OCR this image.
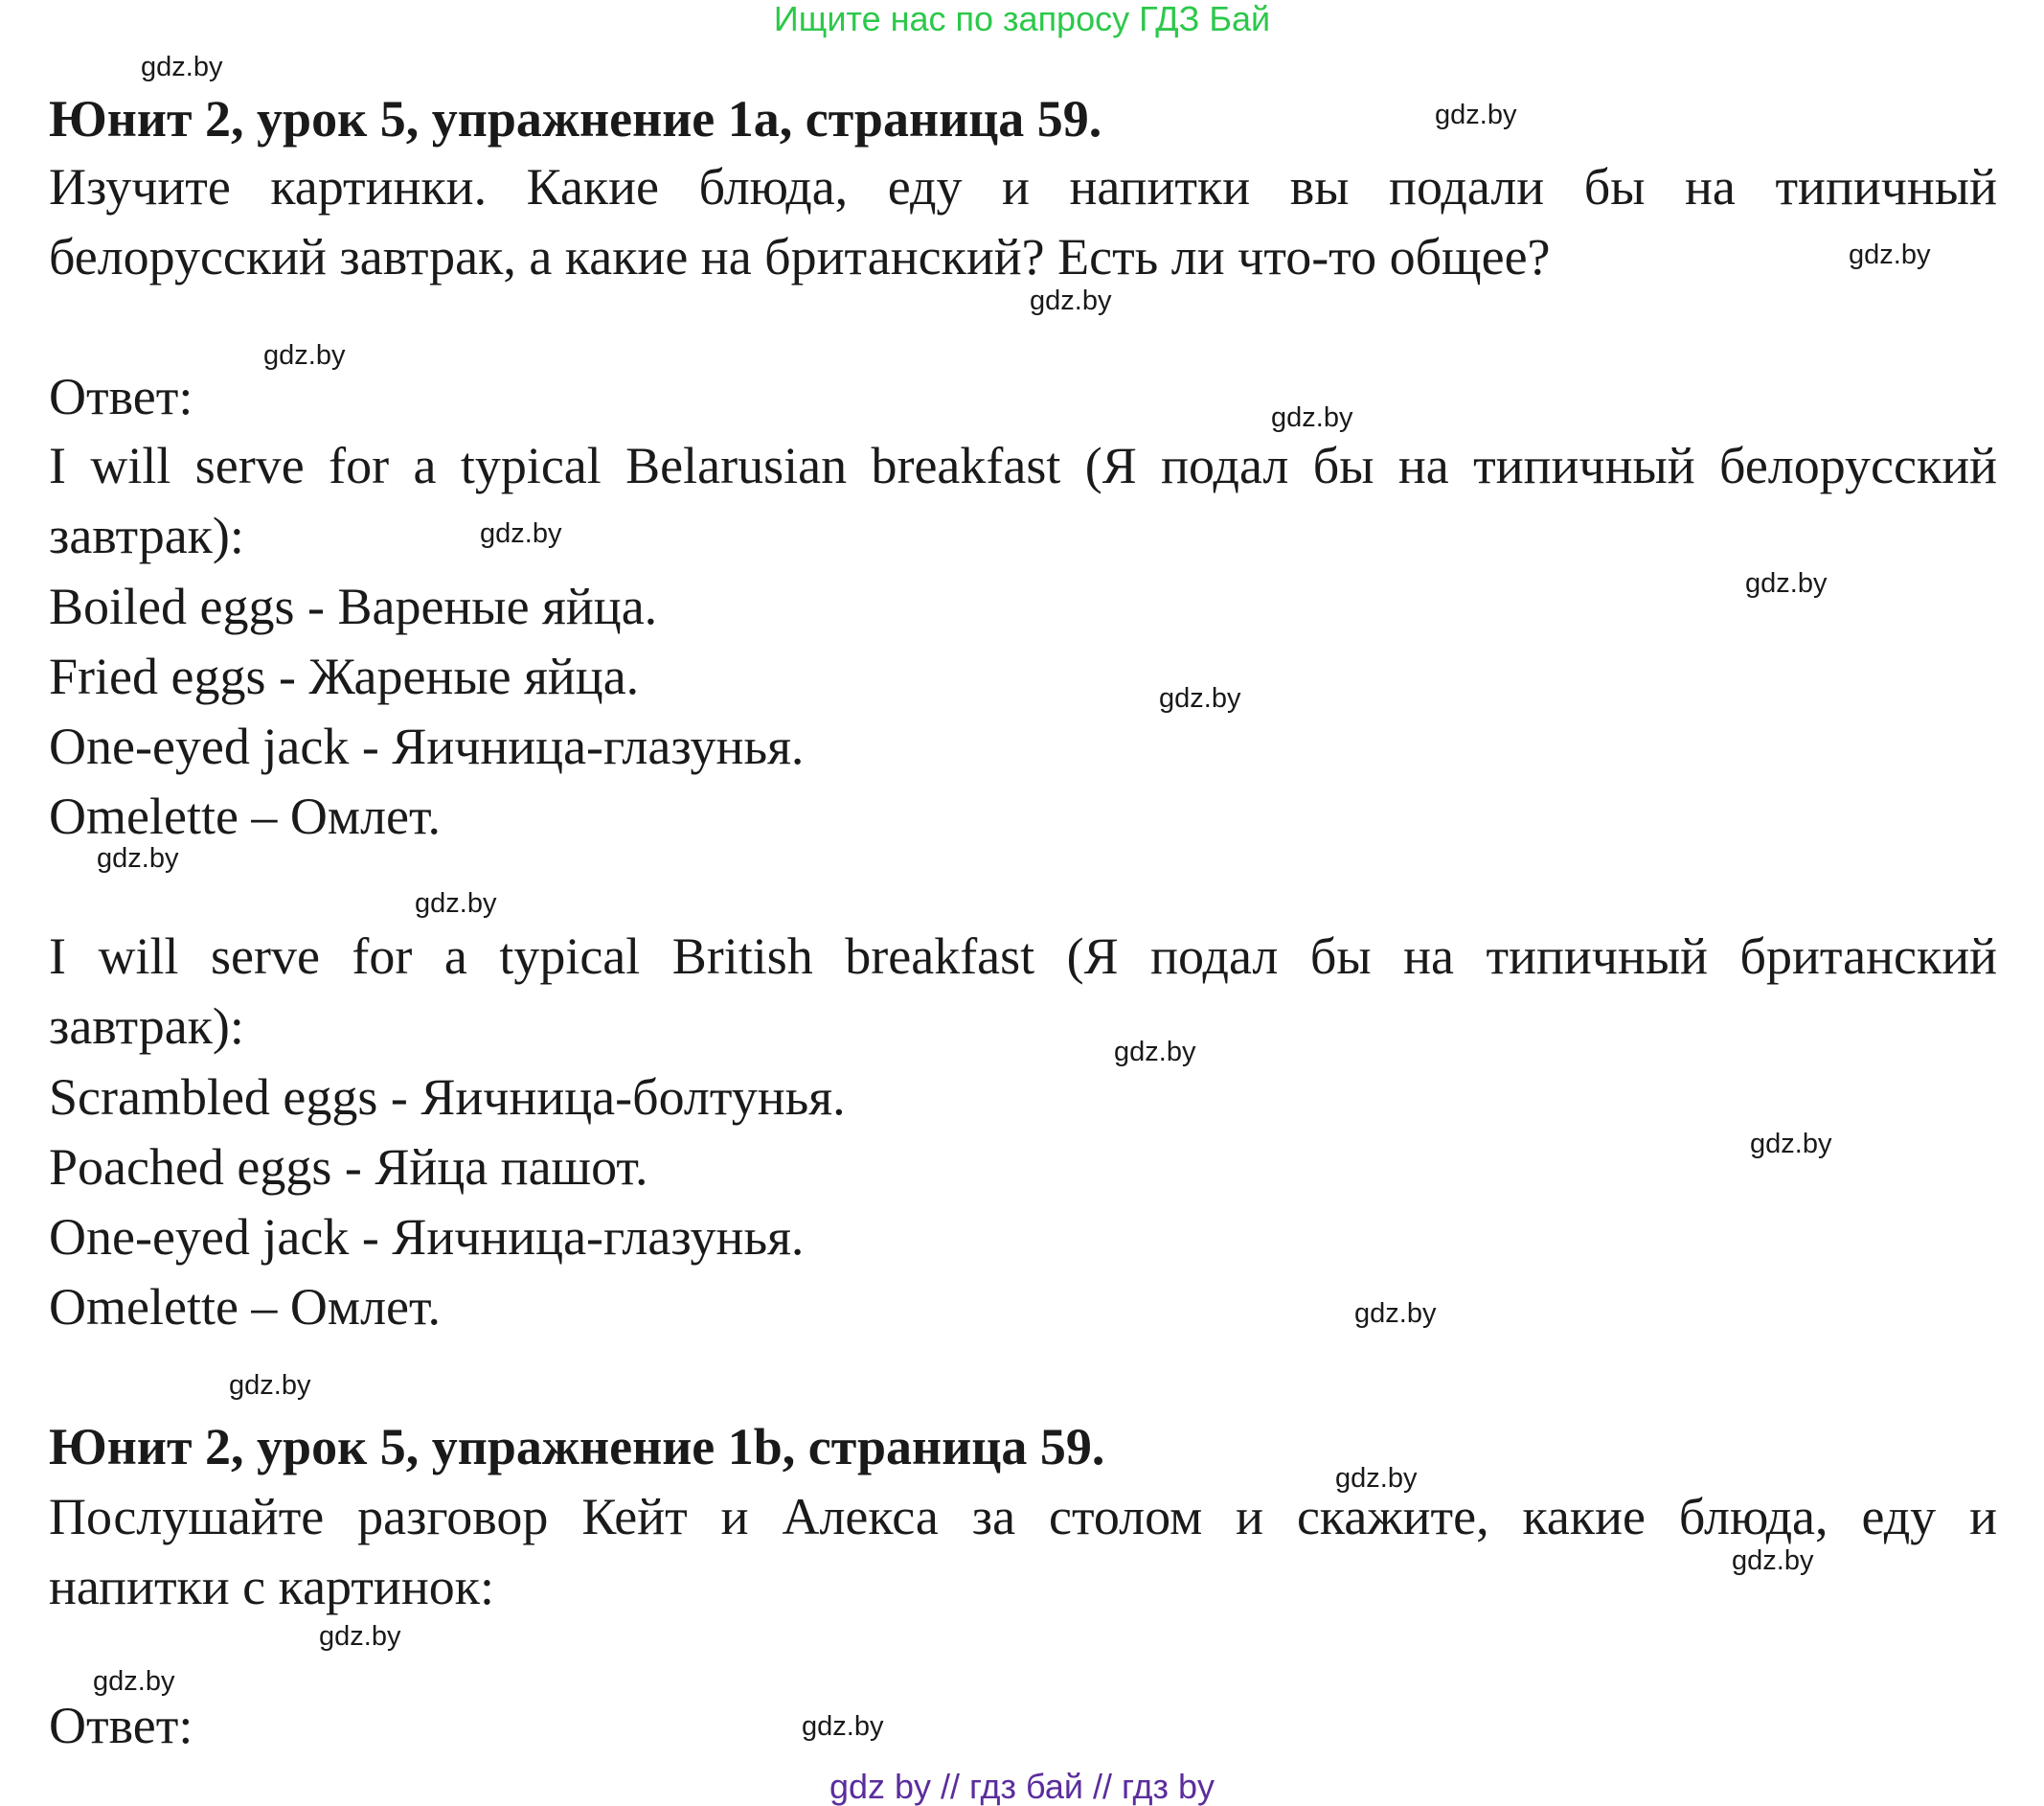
Ищите нас по запросу ГДЗ Бай
Юнит 2, урок 5, упражнение 1а, страница 59.
Изучите картинки. Какие блюда, еду и напитки вы подали бы на типичный
белорусский завтрак, а какие на британский? Есть ли что-то общее?
Ответ:
I will serve for a typical Belarusian breakfast (Я подал бы на типичный белорусский
завтрак):
Boiled eggs - Вареные яйца.
Fried eggs - Жареные яйца.
One-eyed jack - Яичница-глазунья.
Omelette – Омлет.
I will serve for a typical British breakfast (Я подал бы на типичный британский
завтрак):
Scrambled eggs - Яичница-болтунья.
Poached eggs - Яйца пашот.
One-eyed jack - Яичница-глазунья.
Omelette – Омлет.
Юнит 2, урок 5, упражнение 1b, страница 59.
Послушайте разговор Кейт и Алекса за столом и скажите, какие блюда, еду и
напитки с картинок:
Ответ:
gdz.by
gdz.by
gdz.by
gdz.by
gdz.by
gdz.by
gdz.by
gdz.by
gdz.by
gdz.by
gdz.by
gdz.by
gdz.by
gdz.by
gdz.by
gdz.by
gdz.by
gdz.by
gdz.by
gdz.by
gdz by // гдз бай // гдз by
